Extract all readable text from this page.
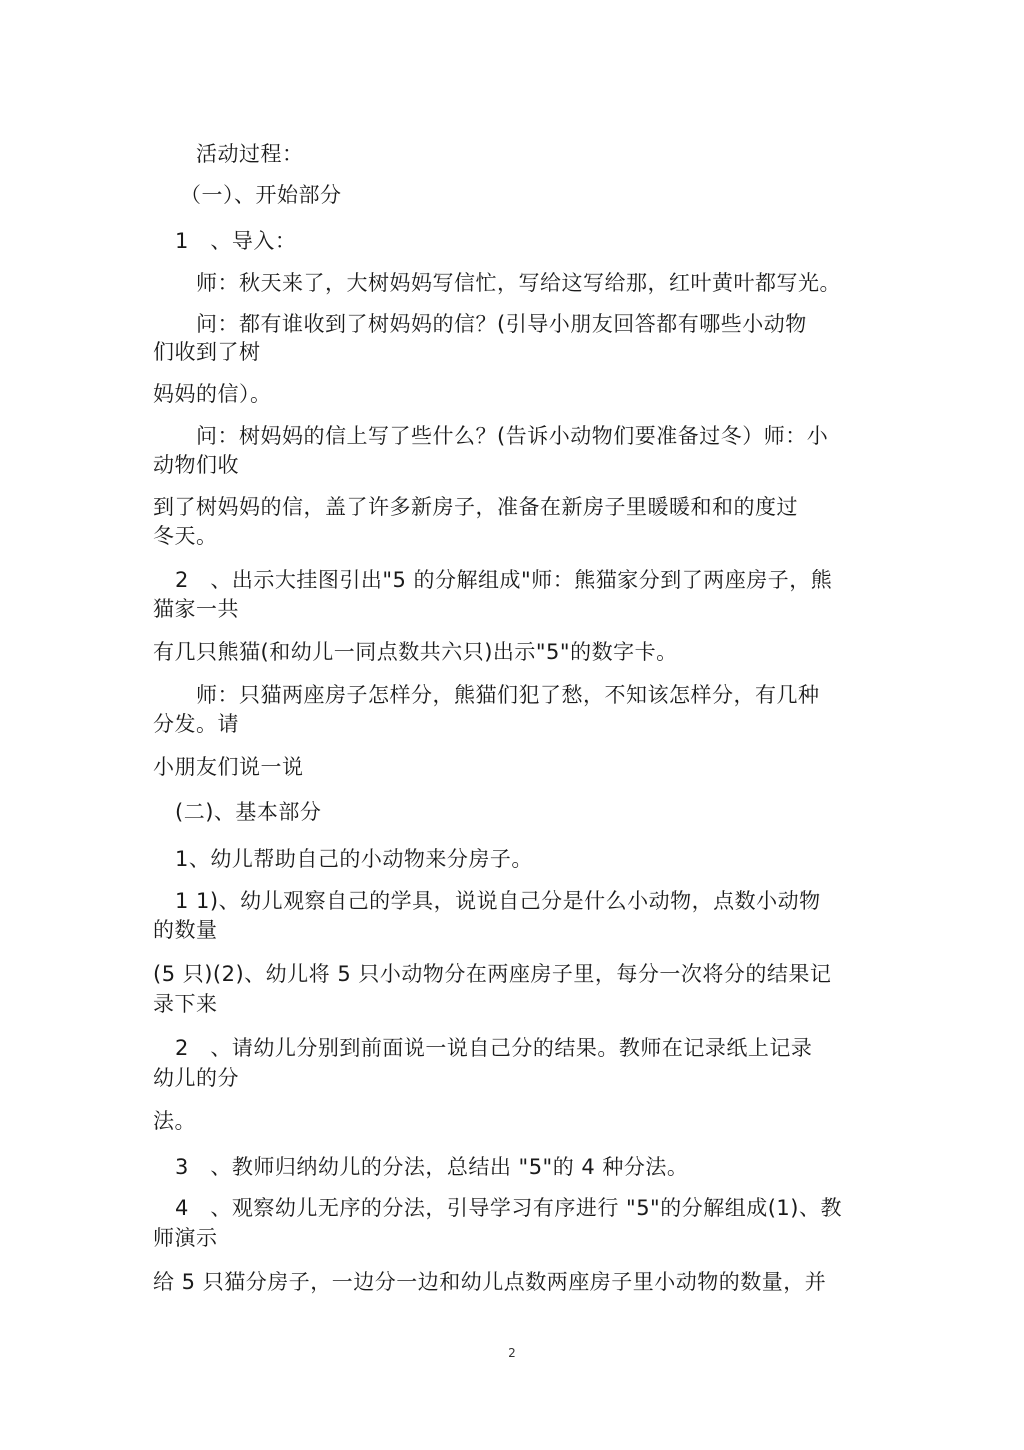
活动过程：
（一）、开始部分
1　、导入：
师：秋天来了，大树妈妈写信忙，写给这写给那，红叶黄叶都写光。
问：都有谁收到了树妈妈的信？(引导小朋友回答都有哪些小动物
们收到了树
妈妈的信）。
问：树妈妈的信上写了些什么？(告诉小动物们要准备过冬）师：小
动物们收
到了树妈妈的信，盖了许多新房子，准备在新房子里暖暖和和的度过
冬天。
2　、出示大挂图引出"5 的分解组成"师：熊猫家分到了两座房子，熊
猫家一共
有几只熊猫(和幼儿一同点数共六只)出示"5"的数字卡。
师：只猫两座房子怎样分，熊猫们犯了愁，不知该怎样分，有几种
分发。请
小朋友们说一说
(二)、基本部分
1、幼儿帮助自己的小动物来分房子。
1 1)、幼儿观察自己的学具，说说自己分是什么小动物，点数小动物
的数量
(5 只)(2)、幼儿将 5 只小动物分在两座房子里，每分一次将分的结果记
录下来
2　、请幼儿分别到前面说一说自己分的结果。教师在记录纸上记录
幼儿的分
法。
3　、教师归纳幼儿的分法，总结出 "5"的 4 种分法。
4　、观察幼儿无序的分法，引导学习有序进行 "5"的分解组成(1)、教
师演示
给 5 只猫分房子，一边分一边和幼儿点数两座房子里小动物的数量，并
2
